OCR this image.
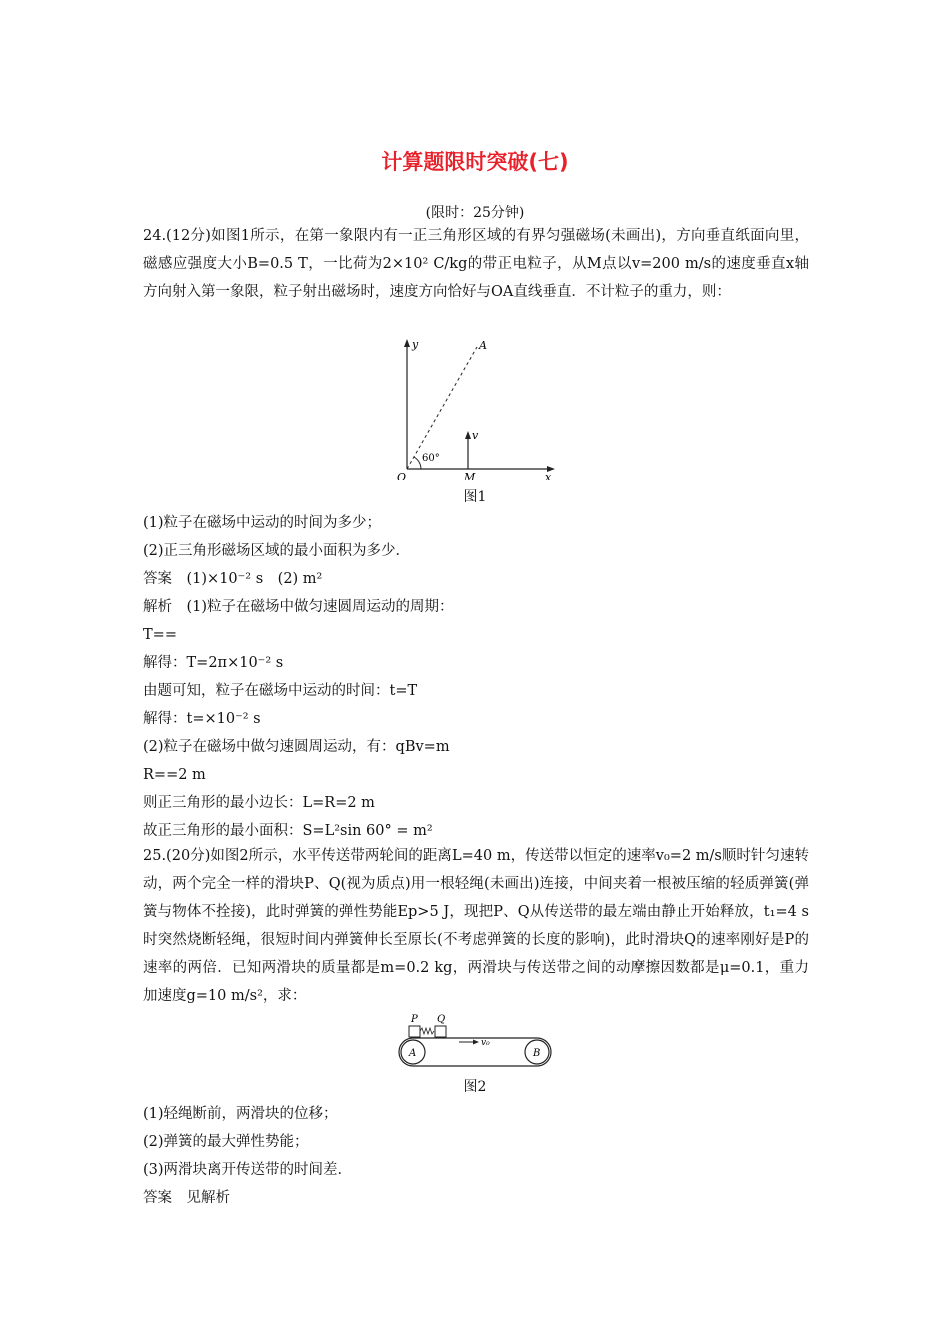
计算题限时突破(七)
(限时：25分钟)
24.(12分)如图1所示，在第一象限内有一正三角形区域的有界匀强磁场(未画出)，方向垂直纸面向里，磁感应强度大小B=0.5 T，一比荷为2×10² C/kg的带正电粒子，从M点以v=200 m/s的速度垂直x轴方向射入第一象限，粒子射出磁场时，速度方向恰好与OA直线垂直．不计粒子的重力，则：
y	A
v
60°
O	M	x
图1
(1)粒子在磁场中运动的时间为多少；
(2)正三角形磁场区域的最小面积为多少．
答案　(1)×10⁻² s　(2) m²
解析　(1)粒子在磁场中做匀速圆周运动的周期：
T==
解得：T=2π×10⁻² s
由题可知，粒子在磁场中运动的时间：t=T
解得：t=×10⁻² s
(2)粒子在磁场中做匀速圆周运动，有：qBv=m
R==2 m
则正三角形的最小边长：L=R=2 m
故正三角形的最小面积：S=L²sin 60° = m²
25.(20分)如图2所示，水平传送带两轮间的距离L=40 m，传送带以恒定的速率v₀=2 m/s顺时针匀速转动，两个完全一样的滑块P、Q(视为质点)用一根轻绳(未画出)连接，中间夹着一根被压缩的轻质弹簧(弹簧与物体不拴接)，此时弹簧的弹性势能Ep>5 J，现把P、Q从传送带的最左端由静止开始释放，t₁=4 s时突然烧断轻绳，很短时间内弹簧伸长至原长(不考虑弹簧的长度的影响)，此时滑块Q的速率刚好是P的速率的两倍．已知两滑块的质量都是m=0.2 kg，两滑块与传送带之间的动摩擦因数都是μ=0.1，重力加速度g=10 m/s²，求：
P Q
v₀
A	B
图2
(1)轻绳断前，两滑块的位移；
(2)弹簧的最大弹性势能；
(3)两滑块离开传送带的时间差．
答案　见解析
